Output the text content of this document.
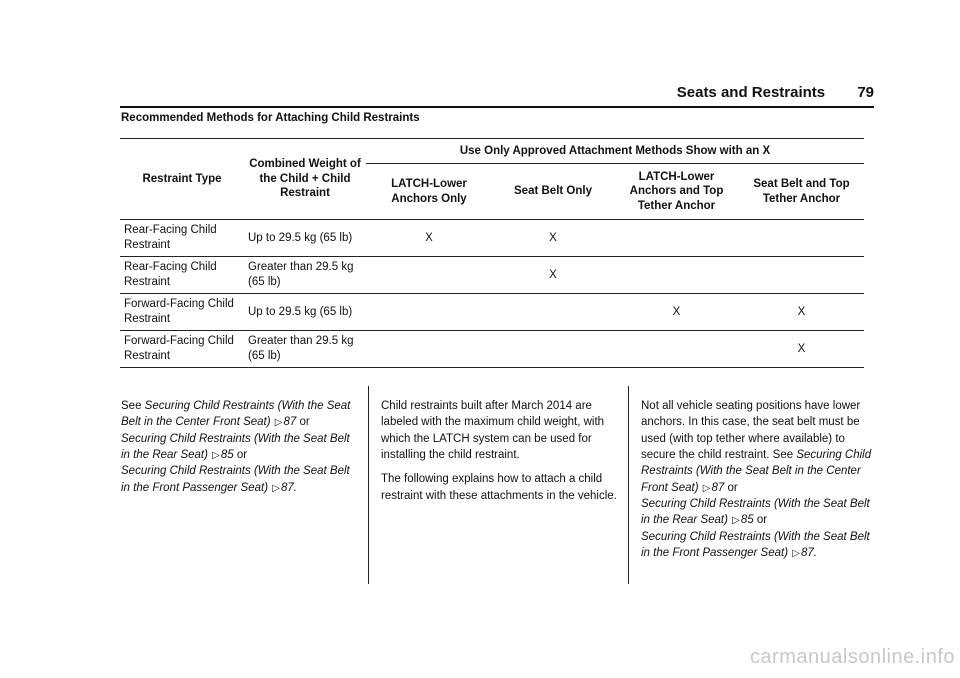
Seats and Restraints 79
Recommended Methods for Attaching Child Restraints
Restraint Type	Combined Weight of the Child + Child Restraint	Use Only Approved Attachment Methods Show with an X			
		LATCH-Lower Anchors Only	Seat Belt Only	LATCH-Lower Anchors and Top Tether Anchor	Seat Belt and Top Tether Anchor
Rear-Facing Child Restraint	Up to 29.5 kg (65 lb)	X	X		
Rear-Facing Child Restraint	Greater than 29.5 kg (65 lb)		X		
Forward-Facing Child Restraint	Up to 29.5 kg (65 lb)			X	X
Forward-Facing Child Restraint	Greater than 29.5 kg (65 lb)				X

See Securing Child Restraints (With the Seat Belt in the Center Front Seat) ▷87 or
Securing Child Restraints (With the Seat Belt in the Rear Seat) ▷85 or
Securing Child Restraints (With the Seat Belt in the Front Passenger Seat) ▷87.

Child restraints built after March 2014 are labeled with the maximum child weight, with which the LATCH system can be used for installing the child restraint.

The following explains how to attach a child restraint with these attachments in the vehicle.

Not all vehicle seating positions have lower anchors. In this case, the seat belt must be used (with top tether where available) to secure the child restraint. See Securing Child Restraints (With the Seat Belt in the Center Front Seat) ▷87 or
Securing Child Restraints (With the Seat Belt in the Rear Seat) ▷85 or
Securing Child Restraints (With the Seat Belt in the Front Passenger Seat) ▷87.

carmanualsonline.info
